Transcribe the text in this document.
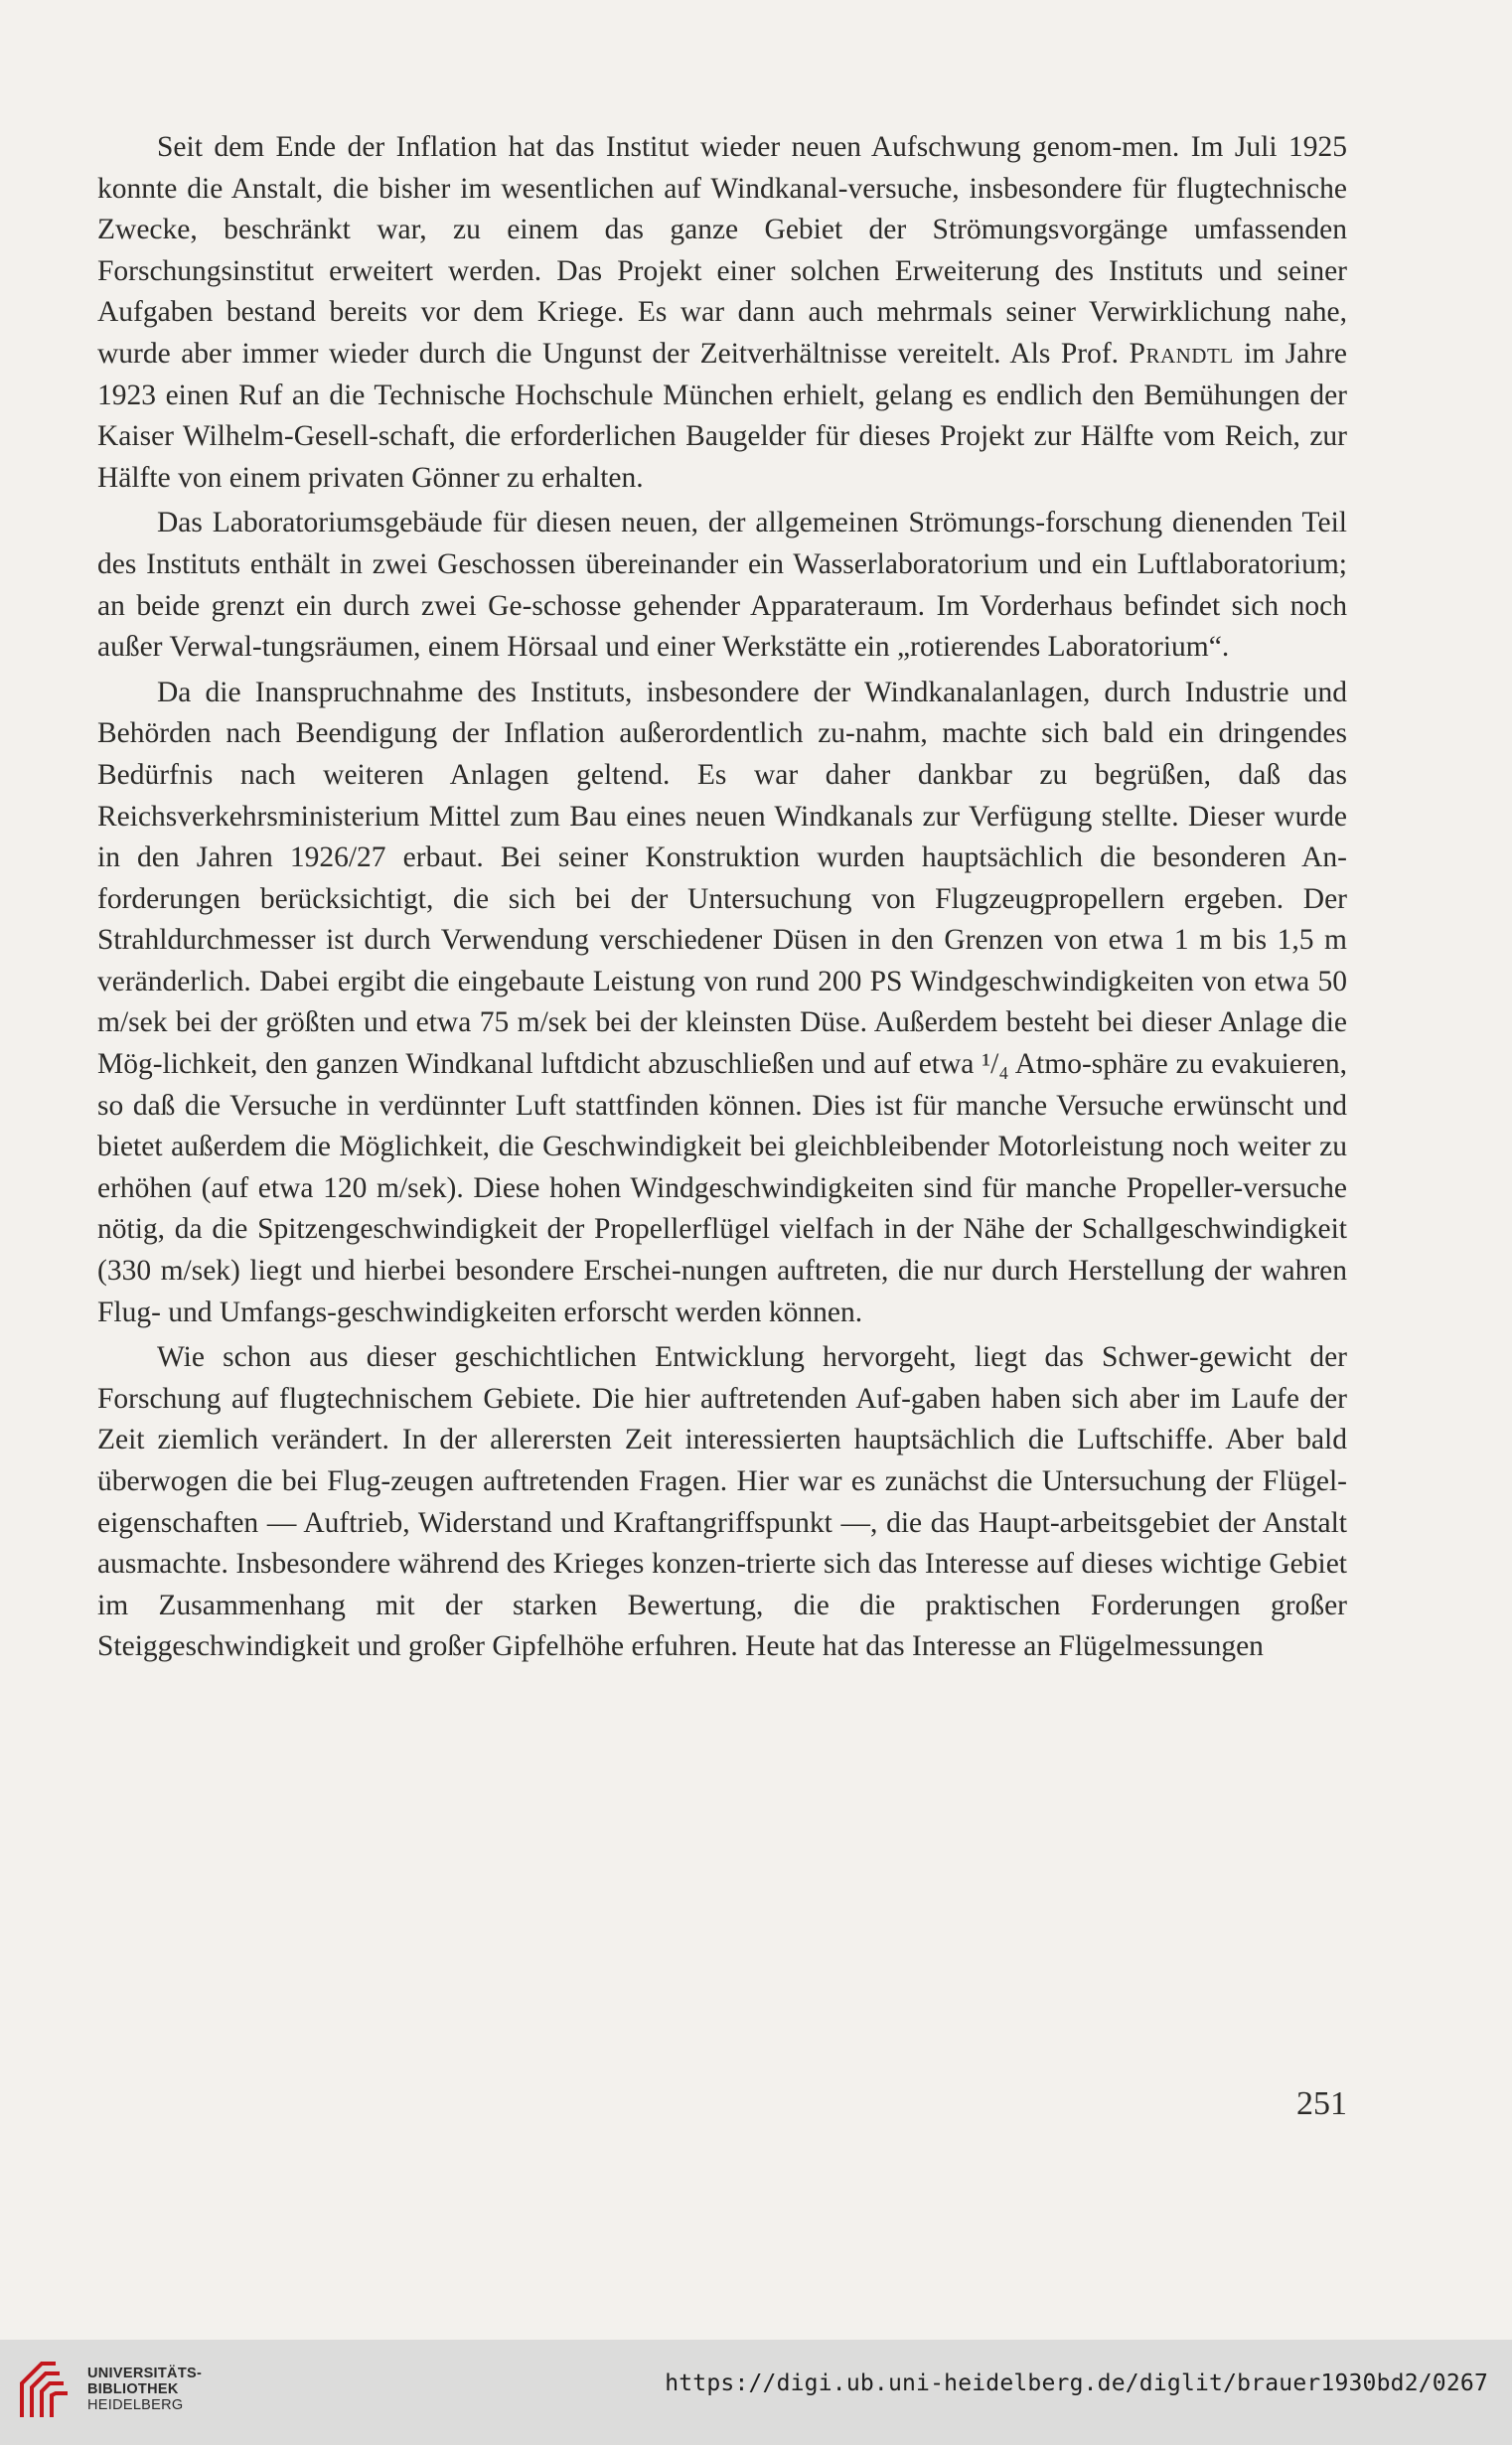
Seit dem Ende der Inflation hat das Institut wieder neuen Aufschwung genom-men. Im Juli 1925 konnte die Anstalt, die bisher im wesentlichen auf Windkanal-versuche, insbesondere für flugtechnische Zwecke, beschränkt war, zu einem das ganze Gebiet der Strömungsvorgänge umfassenden Forschungsinstitut erweitert werden. Das Projekt einer solchen Erweiterung des Instituts und seiner Aufgaben bestand bereits vor dem Kriege. Es war dann auch mehrmals seiner Verwirklichung nahe, wurde aber immer wieder durch die Ungunst der Zeitverhältnisse vereitelt. Als Prof. Prandtl im Jahre 1923 einen Ruf an die Technische Hochschule München erhielt, gelang es endlich den Bemühungen der Kaiser Wilhelm-Gesell-schaft, die erforderlichen Baugelder für dieses Projekt zur Hälfte vom Reich, zur Hälfte von einem privaten Gönner zu erhalten.

Das Laboratoriumsgebäude für diesen neuen, der allgemeinen Strömungs-forschung dienenden Teil des Instituts enthält in zwei Geschossen übereinander ein Wasserlaboratorium und ein Luftlaboratorium; an beide grenzt ein durch zwei Ge-schosse gehender Apparateraum. Im Vorderhaus befindet sich noch außer Verwal-tungsräumen, einem Hörsaal und einer Werkstätte ein „rotierendes Laboratorium“.

Da die Inanspruchnahme des Instituts, insbesondere der Windkanalanlagen, durch Industrie und Behörden nach Beendigung der Inflation außerordentlich zu-nahm, machte sich bald ein dringendes Bedürfnis nach weiteren Anlagen geltend. Es war daher dankbar zu begrüßen, daß das Reichsverkehrsministerium Mittel zum Bau eines neuen Windkanals zur Verfügung stellte. Dieser wurde in den Jahren 1926/27 erbaut. Bei seiner Konstruktion wurden hauptsächlich die besonderen An-forderungen berücksichtigt, die sich bei der Untersuchung von Flugzeugpropellern ergeben. Der Strahldurchmesser ist durch Verwendung verschiedener Düsen in den Grenzen von etwa 1 m bis 1,5 m veränderlich. Dabei ergibt die eingebaute Leistung von rund 200 PS Windgeschwindigkeiten von etwa 50 m/sek bei der größten und etwa 75 m/sek bei der kleinsten Düse. Außerdem besteht bei dieser Anlage die Mög-lichkeit, den ganzen Windkanal luftdicht abzuschließen und auf etwa ¹/₄ Atmo-sphäre zu evakuieren, so daß die Versuche in verdünnter Luft stattfinden können. Dies ist für manche Versuche erwünscht und bietet außerdem die Möglichkeit, die Geschwindigkeit bei gleichbleibender Motorleistung noch weiter zu erhöhen (auf etwa 120 m/sek). Diese hohen Windgeschwindigkeiten sind für manche Propeller-versuche nötig, da die Spitzengeschwindigkeit der Propellerflügel vielfach in der Nähe der Schallgeschwindigkeit (330 m/sek) liegt und hierbei besondere Erschei-nungen auftreten, die nur durch Herstellung der wahren Flug- und Umfangs-geschwindigkeiten erforscht werden können.

Wie schon aus dieser geschichtlichen Entwicklung hervorgeht, liegt das Schwer-gewicht der Forschung auf flugtechnischem Gebiete. Die hier auftretenden Auf-gaben haben sich aber im Laufe der Zeit ziemlich verändert. In der allerersten Zeit interessierten hauptsächlich die Luftschiffe. Aber bald überwogen die bei Flug-zeugen auftretenden Fragen. Hier war es zunächst die Untersuchung der Flügel-eigenschaften — Auftrieb, Widerstand und Kraftangriffspunkt —, die das Haupt-arbeitsgebiet der Anstalt ausmachte. Insbesondere während des Krieges konzen-trierte sich das Interesse auf dieses wichtige Gebiet im Zusammenhang mit der starken Bewertung, die die praktischen Forderungen großer Steiggeschwindigkeit und großer Gipfelhöhe erfuhren. Heute hat das Interesse an Flügelmessungen

251
UNIVERSITÄTS-
BIBLIOTHEK
HEIDELBERG
https://digi.ub.uni-heidelberg.de/diglit/brauer1930bd2/0267
